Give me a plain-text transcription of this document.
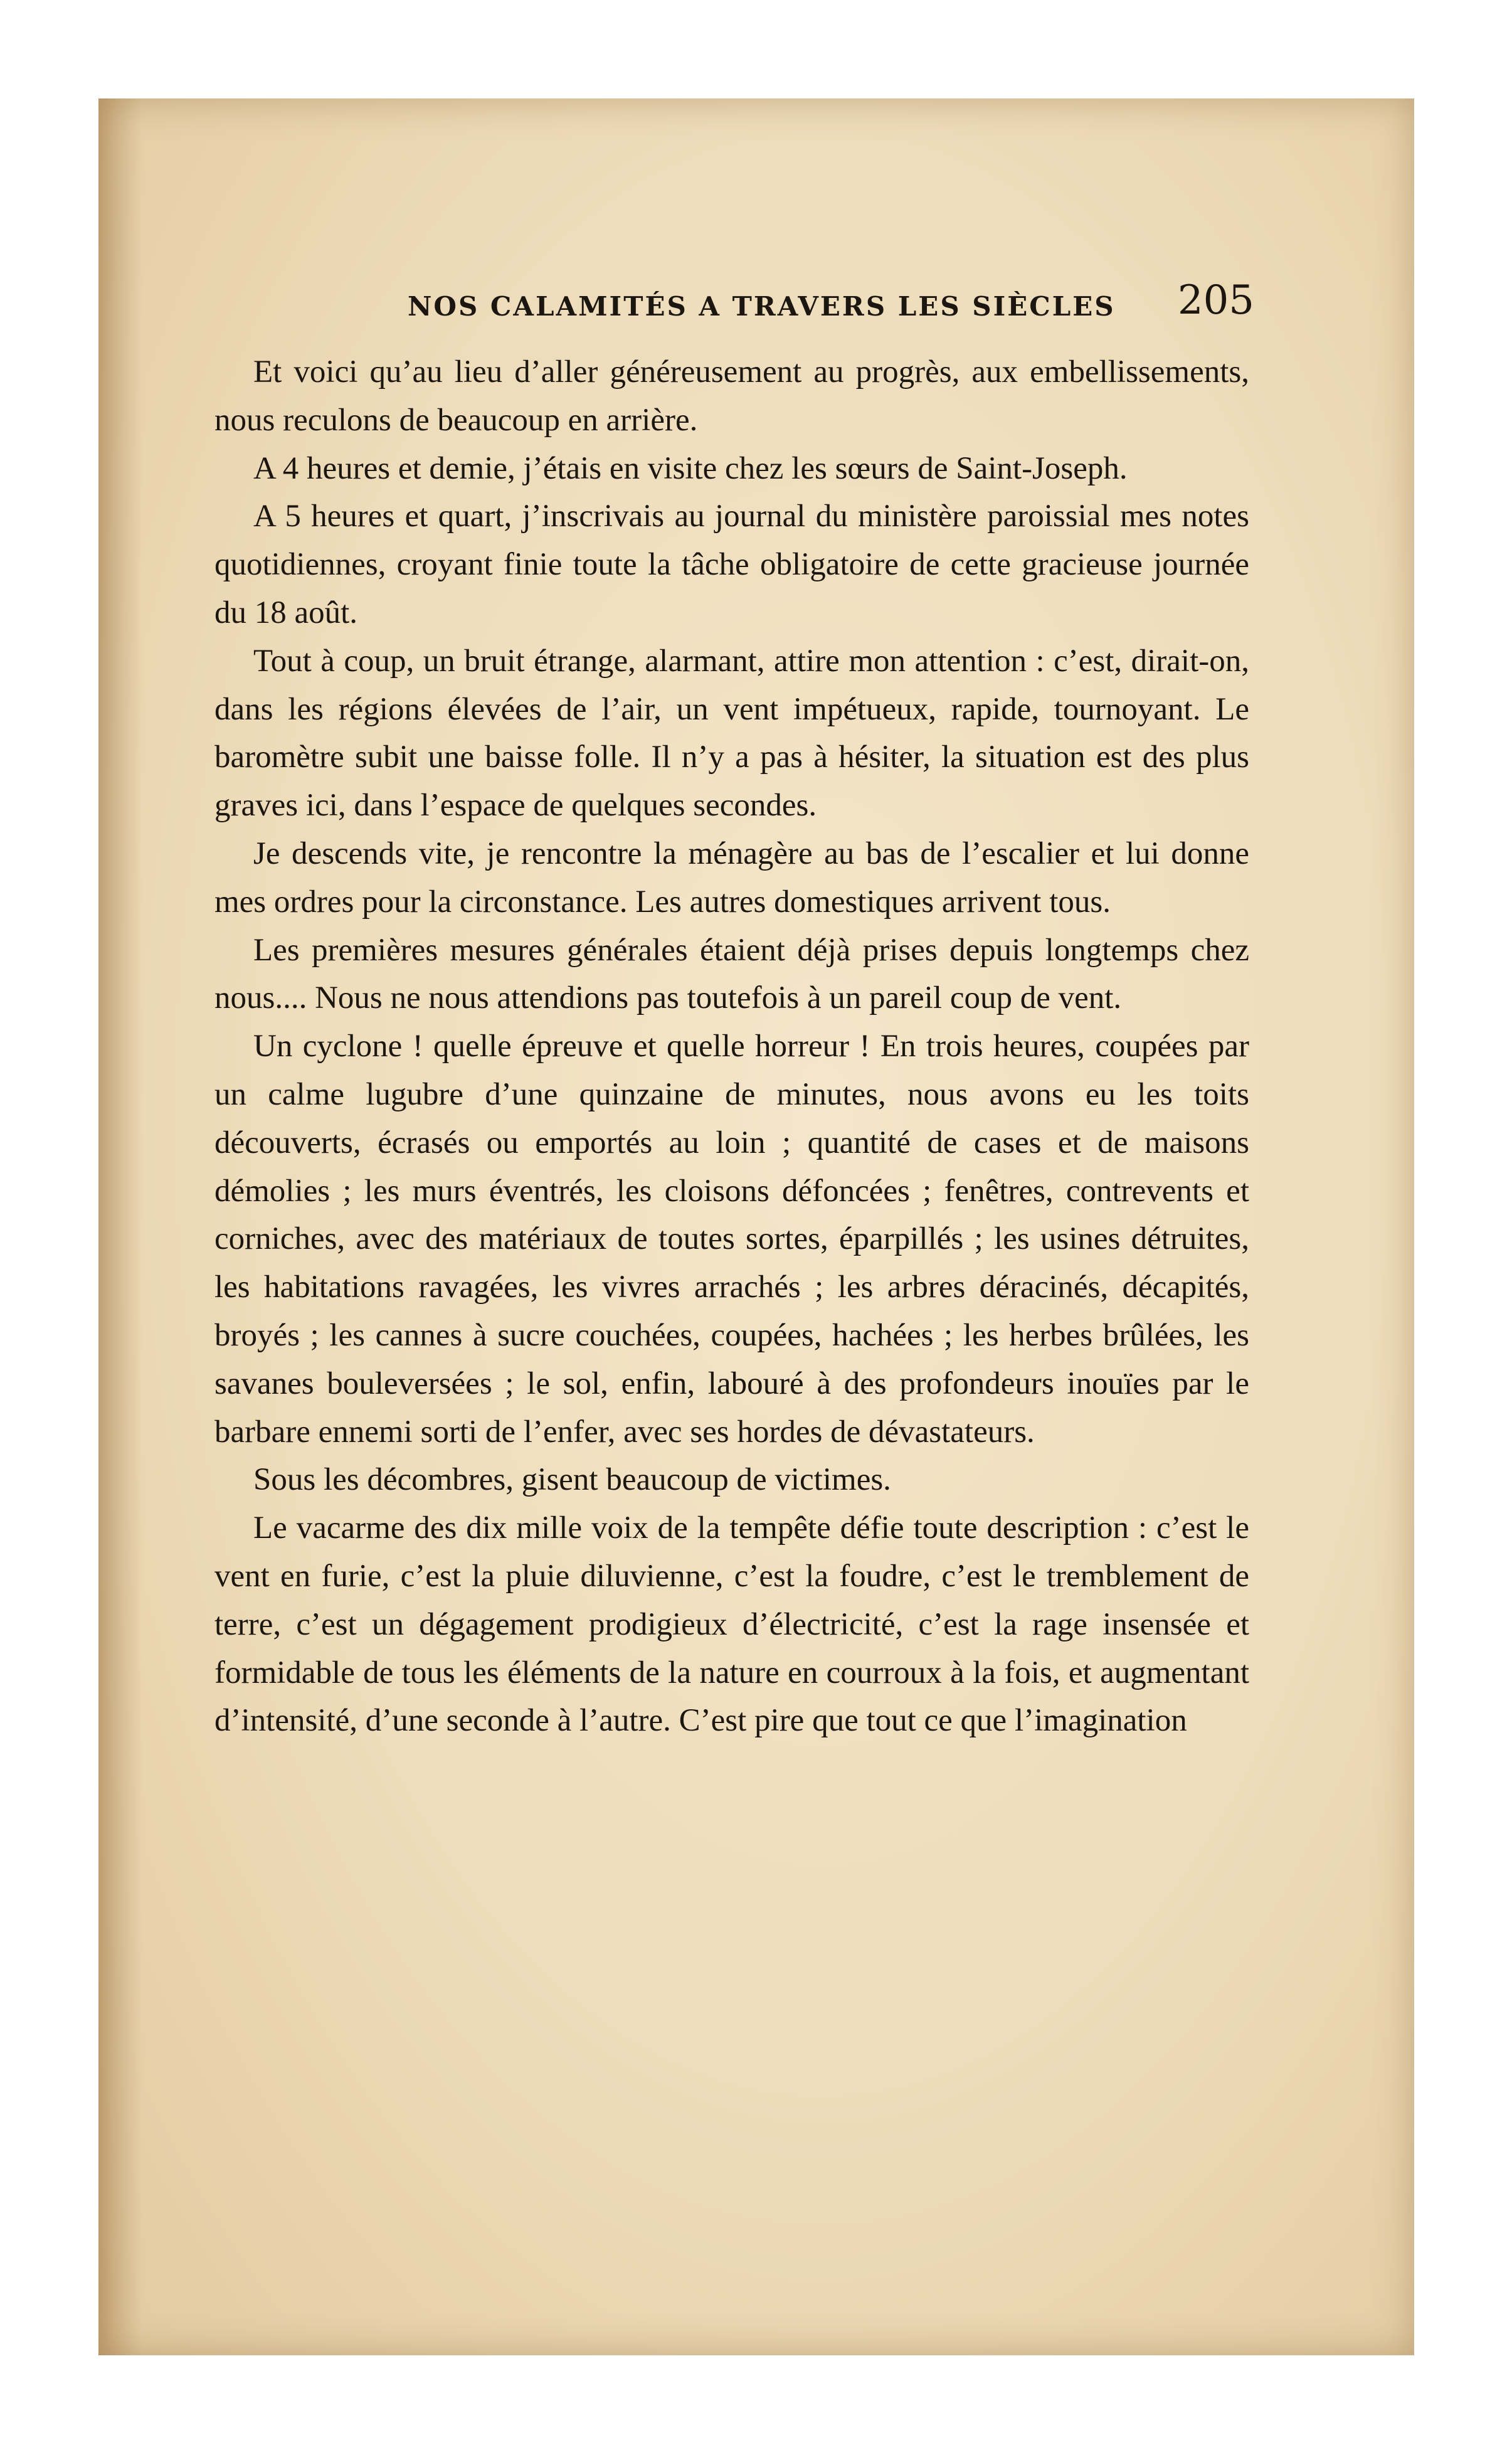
NOS CALAMITÉS A TRAVERS LES SIÈCLES 205

Et voici qu’au lieu d’aller généreusement au progrès, aux embellissements, nous reculons de beaucoup en arrière.

A 4 heures et demie, j’étais en visite chez les sœurs de Saint-Joseph.

A 5 heures et quart, j’inscrivais au journal du ministère paroissial mes notes quotidiennes, croyant finie toute la tâche obligatoire de cette gracieuse journée du 18 août.

Tout à coup, un bruit étrange, alarmant, attire mon attention : c’est, dirait-on, dans les régions élevées de l’air, un vent impétueux, rapide, tournoyant. Le baromètre subit une baisse folle. Il n’y a pas à hésiter, la situation est des plus graves ici, dans l’espace de quelques secondes.

Je descends vite, je rencontre la ménagère au bas de l’escalier et lui donne mes ordres pour la circonstance. Les autres domestiques arrivent tous.

Les premières mesures générales étaient déjà prises depuis longtemps chez nous.... Nous ne nous attendions pas toutefois à un pareil coup de vent.

Un cyclone ! quelle épreuve et quelle horreur ! En trois heures, coupées par un calme lugubre d’une quinzaine de minutes, nous avons eu les toits découverts, écrasés ou emportés au loin ; quantité de cases et de maisons démolies ; les murs éventrés, les cloisons défoncées ; fenêtres, contrevents et corniches, avec des matériaux de toutes sortes, éparpillés ; les usines détruites, les habitations ravagées, les vivres arrachés ; les arbres déracinés, décapités, broyés ; les cannes à sucre couchées, coupées, hachées ; les herbes brûlées, les savanes bouleversées ; le sol, enfin, labouré à des profondeurs inouïes par le barbare ennemi sorti de l’enfer, avec ses hordes de dévastateurs.

Sous les décombres, gisent beaucoup de victimes.

Le vacarme des dix mille voix de la tempête défie toute description : c’est le vent en furie, c’est la pluie diluvienne, c’est la foudre, c’est le tremblement de terre, c’est un dégagement prodigieux d’électricité, c’est la rage insensée et formidable de tous les éléments de la nature en courroux à la fois, et augmentant d’intensité, d’une seconde à l’autre. C’est pire que tout ce que l’imagination
